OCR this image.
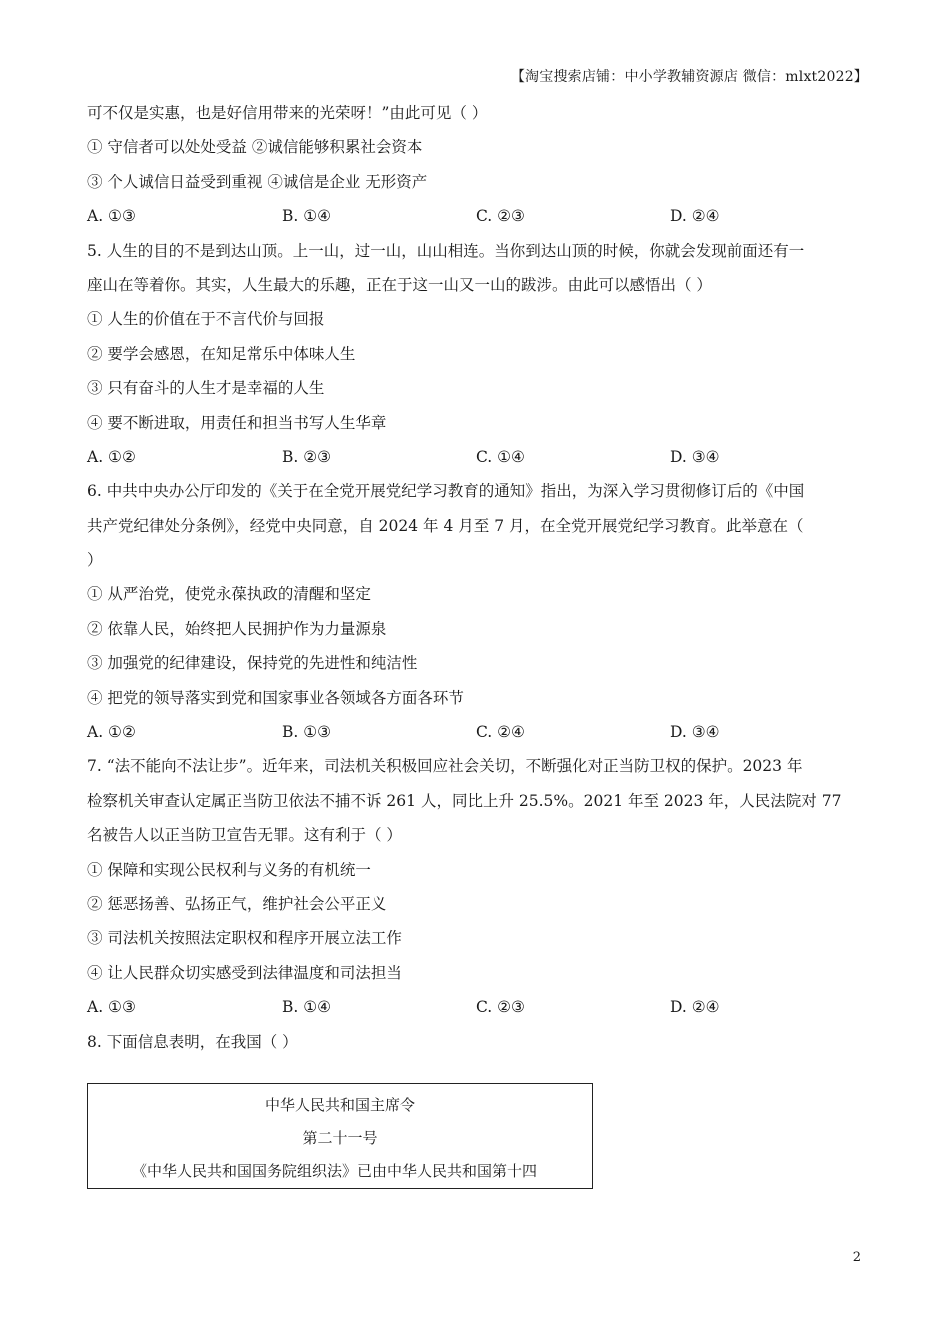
【淘宝搜索店铺：中小学教辅资源店 微信：mlxt2022】
可不仅是实惠，也是好信用带来的光荣呀！”由此可见（ ）
① 守信者可以处处受益 ②诚信能够积累社会资本
③ 个人诚信日益受到重视 ④诚信是企业 无形资产
A. ①③	B. ①④	C. ②③	D. ②④
5. 人生的目的不是到达山顶。上一山，过一山，山山相连。当你到达山顶的时候，你就会发现前面还有一
座山在等着你。其实，人生最大的乐趣，正在于这一山又一山的跋涉。由此可以感悟出（ ）
① 人生的价值在于不言代价与回报
② 要学会感恩，在知足常乐中体味人生
③ 只有奋斗的人生才是幸福的人生
④ 要不断进取，用责任和担当书写人生华章
A. ①②	B. ②③	C. ①④	D. ③④
6. 中共中央办公厅印发的《关于在全党开展党纪学习教育的通知》指出，为深入学习贯彻修订后的《中国
共产党纪律处分条例》，经党中央同意，自 2024 年 4 月至 7 月，在全党开展党纪学习教育。此举意在（
）
① 从严治党，使党永葆执政的清醒和坚定
② 依靠人民，始终把人民拥护作为力量源泉
③ 加强党的纪律建设，保持党的先进性和纯洁性
④ 把党的领导落实到党和国家事业各领域各方面各环节
A. ①②	B. ①③	C. ②④	D. ③④
7. “法不能向不法让步”。近年来，司法机关积极回应社会关切，不断强化对正当防卫权的保护。2023 年
检察机关审查认定属正当防卫依法不捕不诉 261 人，同比上升 25.5%。2021 年至 2023 年，人民法院对 77
名被告人以正当防卫宣告无罪。这有利于（ ）
① 保障和实现公民权利与义务的有机统一
② 惩恶扬善、弘扬正气，维护社会公平正义
③ 司法机关按照法定职权和程序开展立法工作
④ 让人民群众切实感受到法律温度和司法担当
A. ①③	B. ①④	C. ②③	D. ②④
8. 下面信息表明，在我国（ ）
中华人民共和国主席令
第二十一号
《中华人民共和国国务院组织法》已由中华人民共和国第十四
2
